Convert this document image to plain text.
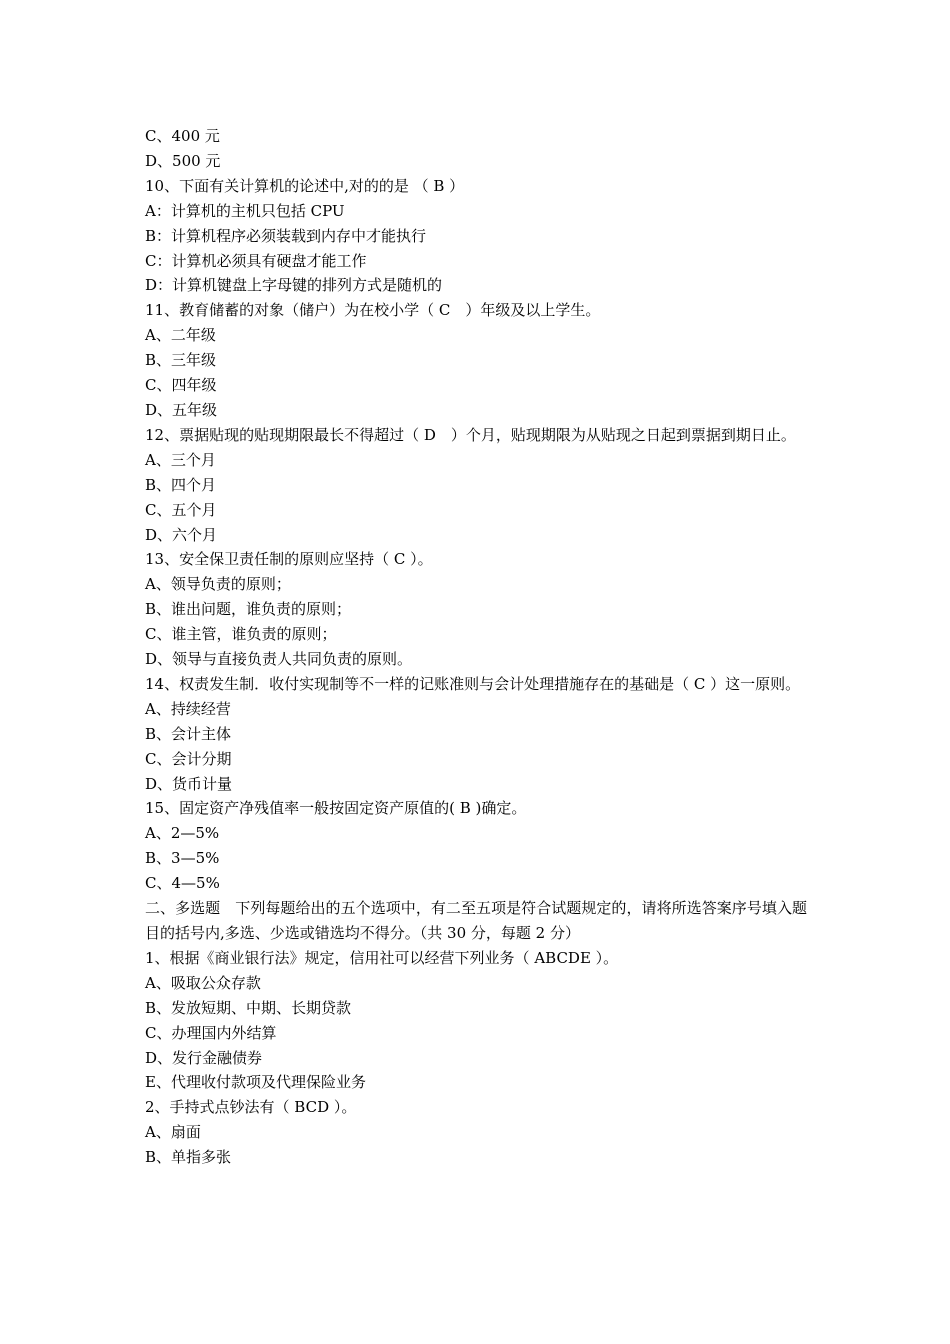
C、400 元

D、500 元

10、下面有关计算机的论述中,对的的是 （ B ）

A：计算机的主机只包括 CPU

B：计算机程序必须装载到内存中才能执行

C：计算机必须具有硬盘才能工作

D：计算机键盘上字母键的排列方式是随机的

11、教育储蓄的对象（储户）为在校小学（ C　）年级及以上学生。

A、二年级

B、三年级

C、四年级

D、五年级

12、票据贴现的贴现期限最长不得超过（ D　）个月，贴现期限为从贴现之日起到票据到期日止。

A、三个月

B、四个月

C、五个月

D、六个月

13、安全保卫责任制的原则应坚持（ C ）。

A、领导负责的原则；

B、谁出问题，谁负责的原则；

C、谁主管，谁负责的原则；

D、领导与直接负责人共同负责的原则。

14、权责发生制．收付实现制等不一样的记账准则与会计处理措施存在的基础是（ C ）这一原则。

A、持续经营

B、会计主体

C、会计分期

D、货币计量

15、固定资产净残值率一般按固定资产原值的( B )确定。

A、2—5%

B、3—5%

C、4—5%

二、多选题　下列每题给出的五个选项中，有二至五项是符合试题规定的，请将所选答案序号填入题目的括号内,多选、少选或错选均不得分。（共 30 分，每题 2 分）

1、根据《商业银行法》规定，信用社可以经营下列业务（ ABCDE ）。

A、吸取公众存款

B、发放短期、中期、长期贷款

C、办理国内外结算

D、发行金融债券

E、代理收付款项及代理保险业务

2、手持式点钞法有（ BCD ）。

A、扇面

B、单指多张
